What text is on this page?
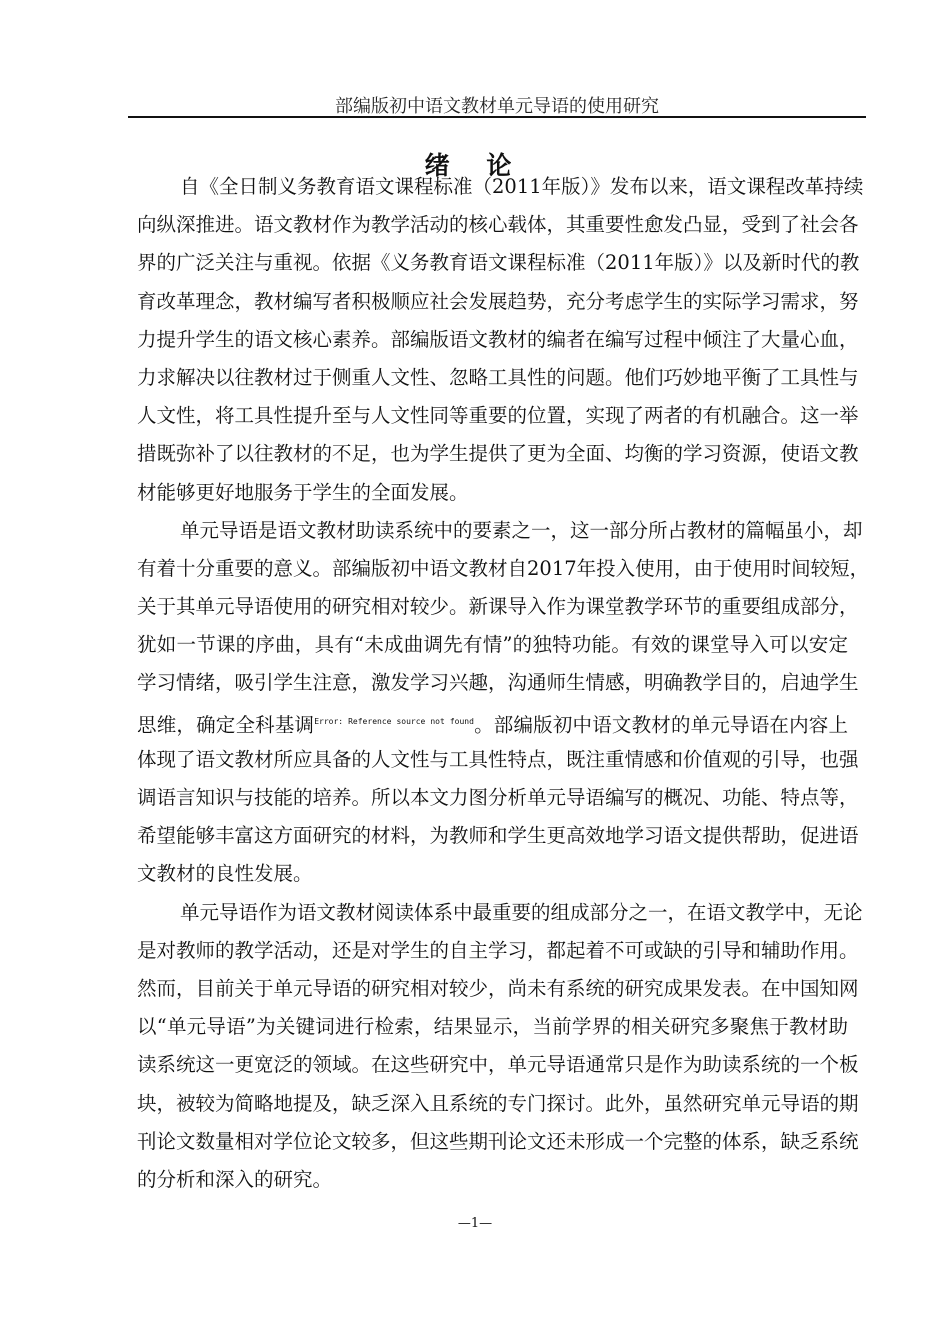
部编版初中语文教材单元导语的使用研究
绪 论
自《全日制义务教育语文课程标准（2011年版）》发布以来，语文课程改革持续
向纵深推进。语文教材作为教学活动的核心载体，其重要性愈发凸显，受到了社会各
界的广泛关注与重视。依据《义务教育语文课程标准（2011年版）》以及新时代的教
育改革理念，教材编写者积极顺应社会发展趋势，充分考虑学生的实际学习需求，努
力提升学生的语文核心素养。部编版语文教材的编者在编写过程中倾注了大量心血，
力求解决以往教材过于侧重人文性、忽略工具性的问题。他们巧妙地平衡了工具性与
人文性，将工具性提升至与人文性同等重要的位置，实现了两者的有机融合。这一举
措既弥补了以往教材的不足，也为学生提供了更为全面、均衡的学习资源，使语文教
材能够更好地服务于学生的全面发展。
单元导语是语文教材助读系统中的要素之一，这一部分所占教材的篇幅虽小，却
有着十分重要的意义。部编版初中语文教材自2017年投入使用，由于使用时间较短，
关于其单元导语使用的研究相对较少。新课导入作为课堂教学环节的重要组成部分，
犹如一节课的序曲，具有“未成曲调先有情”的独特功能。有效的课堂导入可以安定
学习情绪，吸引学生注意，激发学习兴趣，沟通师生情感，明确教学目的，启迪学生
思维，确定全科基调$^{Error: Reference source not found}$。部编版初中语文教材的单元导语在内容上
体现了语文教材所应具备的人文性与工具性特点，既注重情感和价值观的引导，也强
调语言知识与技能的培养。所以本文力图分析单元导语编写的概况、功能、特点等，
希望能够丰富这方面研究的材料，为教师和学生更高效地学习语文提供帮助，促进语
文教材的良性发展。
单元导语作为语文教材阅读体系中最重要的组成部分之一，在语文教学中，无论
是对教师的教学活动，还是对学生的自主学习，都起着不可或缺的引导和辅助作用。
然而，目前关于单元导语的研究相对较少，尚未有系统的研究成果发表。在中国知网
以“单元导语”为关键词进行检索，结果显示，当前学界的相关研究多聚焦于教材助
读系统这一更宽泛的领域。在这些研究中，单元导语通常只是作为助读系统的一个板
块，被较为简略地提及，缺乏深入且系统的专门探讨。此外，虽然研究单元导语的期
刊论文数量相对学位论文较多，但这些期刊论文还未形成一个完整的体系，缺乏系统
的分析和深入的研究。
—1—
